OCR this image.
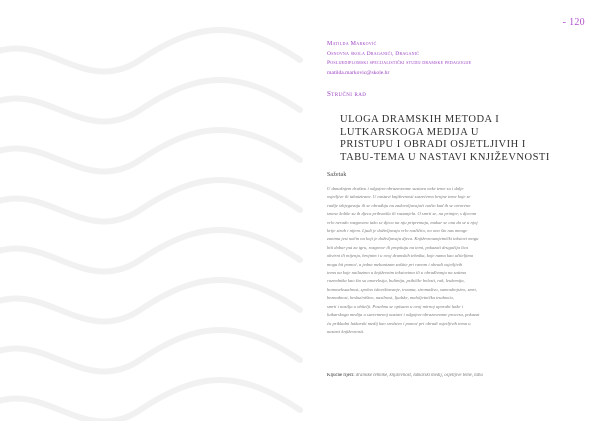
- 120
Matilda Marković
Osnovna škola Draganići, Draganić
Poslijediplomski specijalistički studij dramske pedagogije
matilda.markovic@skole.hr
Stručni rad
ULOGA DRAMSKIH METODA I
LUTKARSKOGA MEDIJA U
PRISTUPU I OBRADI OSJETLJIVIH I
TABU-TEMA U NASTAVI KNJIŽEVNOSTI
Sažetak
U današnjem društvu i odgojno-obrazovnome sustavu neke teme su i dalje
osjetljive ili tabuizirane. U nastavi književnosti susrećemo brojne teme koje se
radije izbjegavaju ili se obrađuju na zadovoljavajući način kad ih se otvoreno
iznese kolike su ih djeca prihvatila ili razumjela. O smrti se, na primjer, s djecom
vrlo nerado razgovara iako se djeca na nju pripremaju, makar se ona da se u njoj
krije strah i nijem. Ljudi je doživljavaju vrlo različito, no ono što nas mnoge
zanima jest način na koji je doživljavaju djeca. Književnoumjetnički tekstovi mogu
biti dobar put za igru, razgovor ili propituju na temi, pokazati drugačija lica
okvirni ili mijenja, brojnim i u ovoj dramskih tehnika, koje nama kao učiteljima
mogu bit pomoć, a jedna mehanizam zaštite pri ranom i obradi osjetljivih
tema na koje nailazimo u književnim tekstovima ili u obrađivanju na satima
razrednika kao što su anoreksija, bulimija, psihičke bolesti, rak, leukemija,
homoseksualnost, spolno iskorištavanje, trauma, siromaštvo, samoubojstvo, smrt,
beznadnost, beskućništvo, nasilnost, ljudske, maloljetnička trudnoća,
smrti i nasilja u obitelji. Posebnu se opisano u ovoj mirnoj uporabi lutke i
lutkarskoga medija u suvremenoj nastavi i odgojno-obrazovnome procesu, pokazat
ću prikladni lutkarski medij kao sredstvo i pomoć pri obradi osjetljivih tema u
nastavi književnosti.
Ključne riječi: dramske tehnike, književnost, lutkarski medij, osjetljive teme, tabu
